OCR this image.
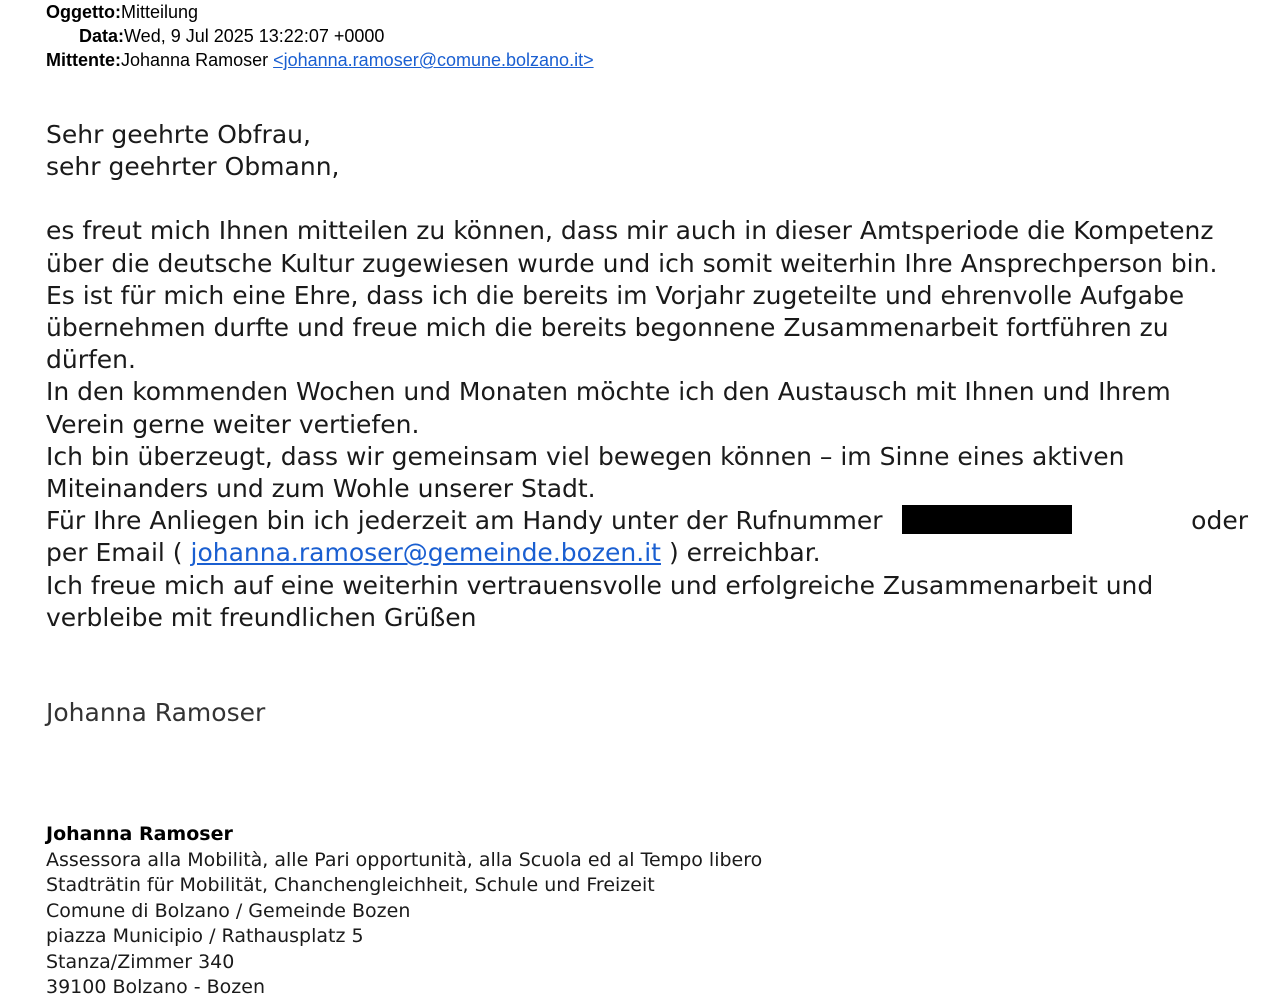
Oggetto:Mitteilung
Data:Wed, 9 Jul 2025 13:22:07 +0000
Mittente:Johanna Ramoser <johanna.ramoser@comune.bolzano.it>

Sehr geehrte Obfrau,

sehr geehrter Obmann,

es freut mich Ihnen mitteilen zu können, dass mir auch in dieser Amtsperiode die Kompetenz über die deutsche Kultur zugewiesen wurde und ich somit weiterhin Ihre Ansprechperson bin.

Es ist für mich eine Ehre, dass ich die bereits im Vorjahr zugeteilte und ehrenvolle Aufgabe übernehmen durfte und freue mich die bereits begonnene Zusammenarbeit fortführen zu dürfen.

In den kommenden Wochen und Monaten möchte ich den Austausch mit Ihnen und Ihrem Verein gerne weiter vertiefen.

Ich bin überzeugt, dass wir gemeinsam viel bewegen können – im Sinne eines aktiven Miteinanders und zum Wohle unserer Stadt.

Für Ihre Anliegen bin ich jederzeit am Handy unter der Rufnummer	oder

per Email ( johanna.ramoser@gemeinde.bozen.it ) erreichbar.

Ich freue mich auf eine weiterhin vertrauensvolle und erfolgreiche Zusammenarbeit und verbleibe mit freundlichen Grüßen

Johanna Ramoser
Johanna Ramoser
Assessora alla Mobilità, alle Pari opportunità, alla Scuola ed al Tempo libero
Stadträtin für Mobilität, Chanchengleichheit, Schule und Freizeit
Comune di Bolzano / Gemeinde Bozen
piazza Municipio / Rathausplatz 5
Stanza/Zimmer 340
39100 Bolzano - Bozen
